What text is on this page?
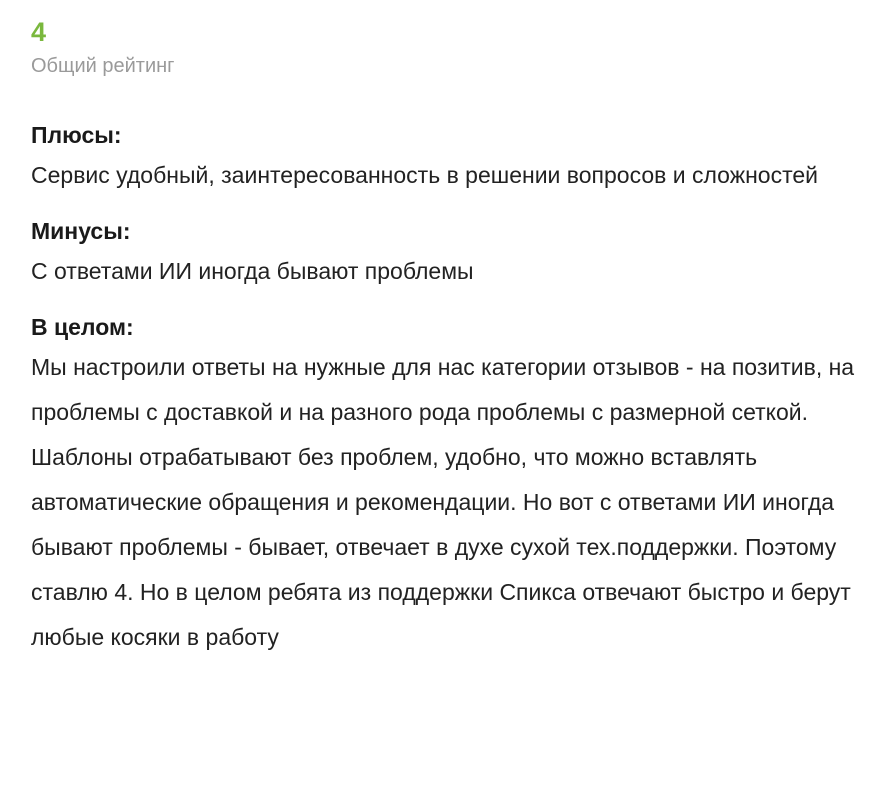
4
Общий рейтинг
Плюсы:
Сервис удобный, заинтересованность в решении вопросов и сложностей
Минусы:
С ответами ИИ иногда бывают проблемы
В целом:
Мы настроили ответы на нужные для нас категории отзывов - на позитив, на проблемы с доставкой и на разного рода проблемы с размерной сеткой. Шаблоны отрабатывают без проблем, удобно, что можно вставлять автоматические обращения и рекомендации. Но вот с ответами ИИ иногда бывают проблемы - бывает, отвечает в духе сухой тех.поддержки. Поэтому ставлю 4. Но в целом ребята из поддержки Спикса отвечают быстро и берут любые косяки в работу
